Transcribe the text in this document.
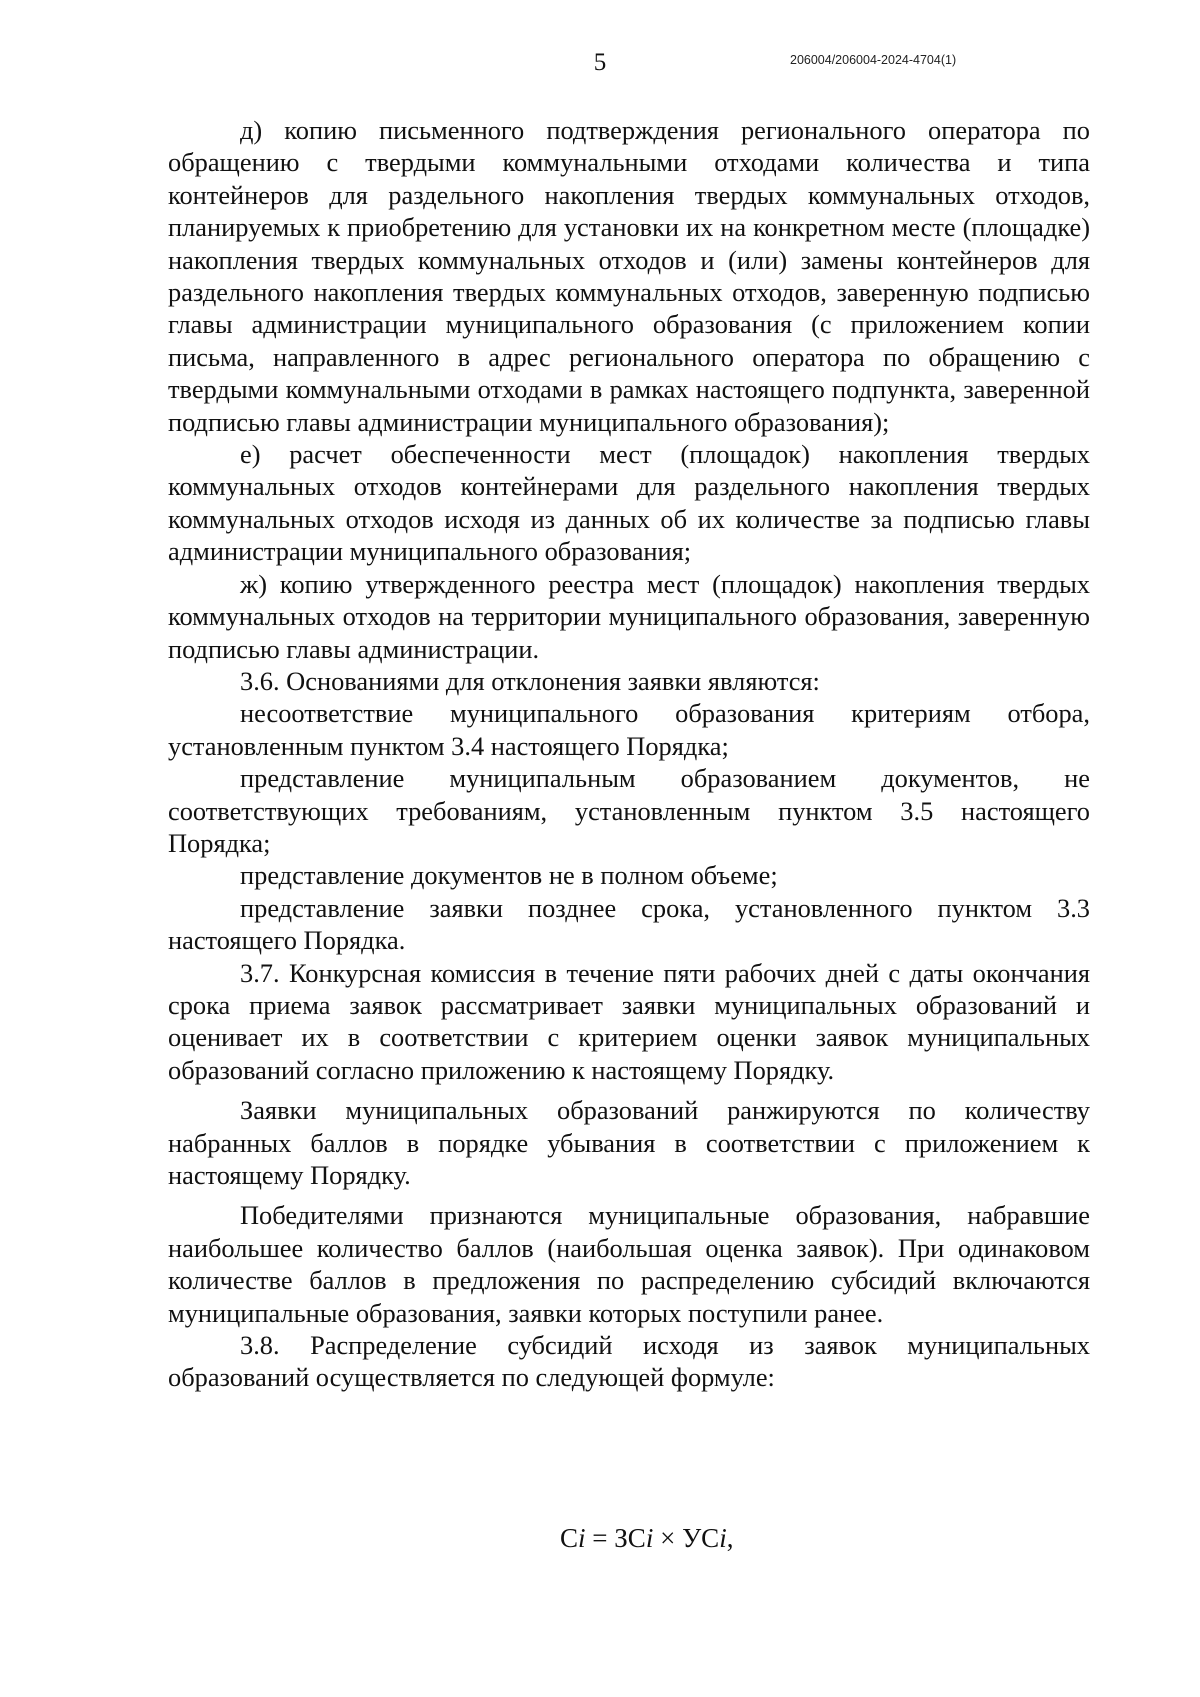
5	206004/206004-2024-4704(1)

д) копию письменного подтверждения регионального оператора по обращению с твердыми коммунальными отходами количества и типа контейнеров для раздельного накопления твердых коммунальных отходов, планируемых к приобретению для установки их на конкретном месте (площадке) накопления твердых коммунальных отходов и (или) замены контейнеров для раздельного накопления твердых коммунальных отходов, заверенную подписью главы администрации муниципального образования (с приложением копии письма, направленного в адрес регионального оператора по обращению с твердыми коммунальными отходами в рамках настоящего подпункта, заверенной подписью главы администрации муниципального образования);

е) расчет обеспеченности мест (площадок) накопления твердых коммунальных отходов контейнерами для раздельного накопления твердых коммунальных отходов исходя из данных об их количестве за подписью главы администрации муниципального образования;

ж) копию утвержденного реестра мест (площадок) накопления твердых коммунальных отходов на территории муниципального образования, заверенную подписью главы администрации.

3.6. Основаниями для отклонения заявки являются:

несоответствие муниципального образования критериям отбора, установленным пунктом 3.4 настоящего Порядка;

представление муниципальным образованием документов, не соответствующих требованиям, установленным пунктом 3.5 настоящего Порядка;

представление документов не в полном объеме;

представление заявки позднее срока, установленного пунктом 3.3 настоящего Порядка.

3.7. Конкурсная комиссия в течение пяти рабочих дней с даты окончания срока приема заявок рассматривает заявки муниципальных образований и оценивает их в соответствии с критерием оценки заявок муниципальных образований согласно приложению к настоящему Порядку.

Заявки муниципальных образований ранжируются по количеству набранных баллов в порядке убывания в соответствии с приложением к настоящему Порядку.

Победителями признаются муниципальные образования, набравшие наибольшее количество баллов (наибольшая оценка заявок). При одинаковом количестве баллов в предложения по распределению субсидий включаются муниципальные образования, заявки которых поступили ранее.

3.8. Распределение субсидий исходя из заявок муниципальных образований осуществляется по следующей формуле:

Ci = ЗСi × УСi,
